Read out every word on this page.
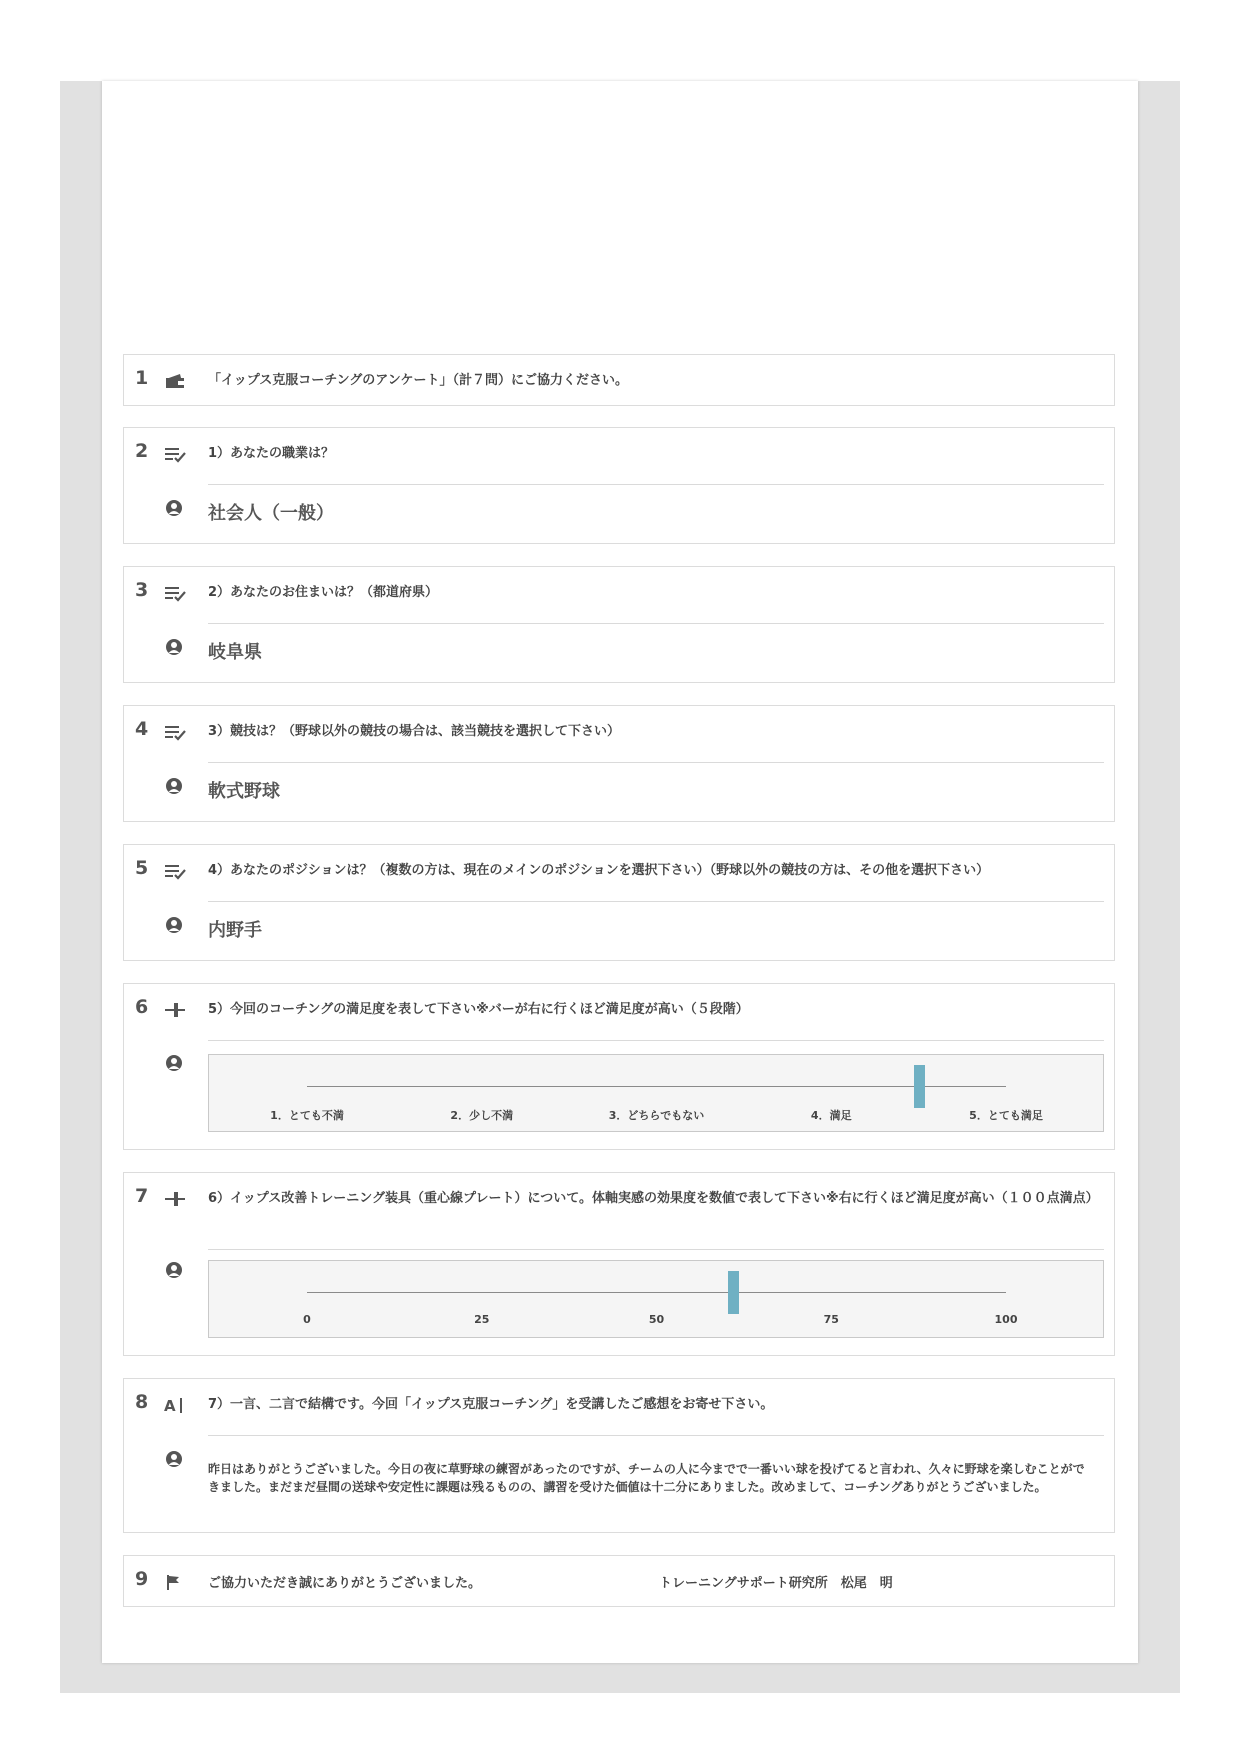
1	「イップス克服コーチングのアンケート」（計７問）にご協力ください。
2	1）あなたの職業は？
社会人（一般）
3	2）あなたのお住まいは？（都道府県）
岐阜県
4	3）競技は？（野球以外の競技の場合は、該当競技を選択して下さい）
軟式野球
5	4）あなたのポジションは？（複数の方は、現在のメインのポジションを選択下さい）（野球以外の競技の方は、その他を選択下さい）
内野手
6	5）今回のコーチングの満足度を表して下さい※バーが右に行くほど満足度が高い（５段階）
1．とても不満	2．少し不満	3．どちらでもない	4．満足	5．とても満足
7	6）イップス改善トレーニング装具（重心線プレート）について。体軸実感の効果度を数値で表して下さい※右に行くほど満足度が高い（１００点満点）
0	25	50	75	100
8 A 7）一言、二言で結構です。今回「イップス克服コーチング」を受講したご感想をお寄せ下さい。
昨日はありがとうございました。今日の夜に草野球の練習があったのですが、チームの人に今までで一番いい球を投げてると言われ、久々に野球を楽しむことができました。まだまだ昼間の送球や安定性に課題は残るものの、講習を受けた価値は十二分にありました。改めまして、コーチングありがとうございました。
9	ご協力いただき誠にありがとうございました。	トレーニングサポート研究所　松尾　明
